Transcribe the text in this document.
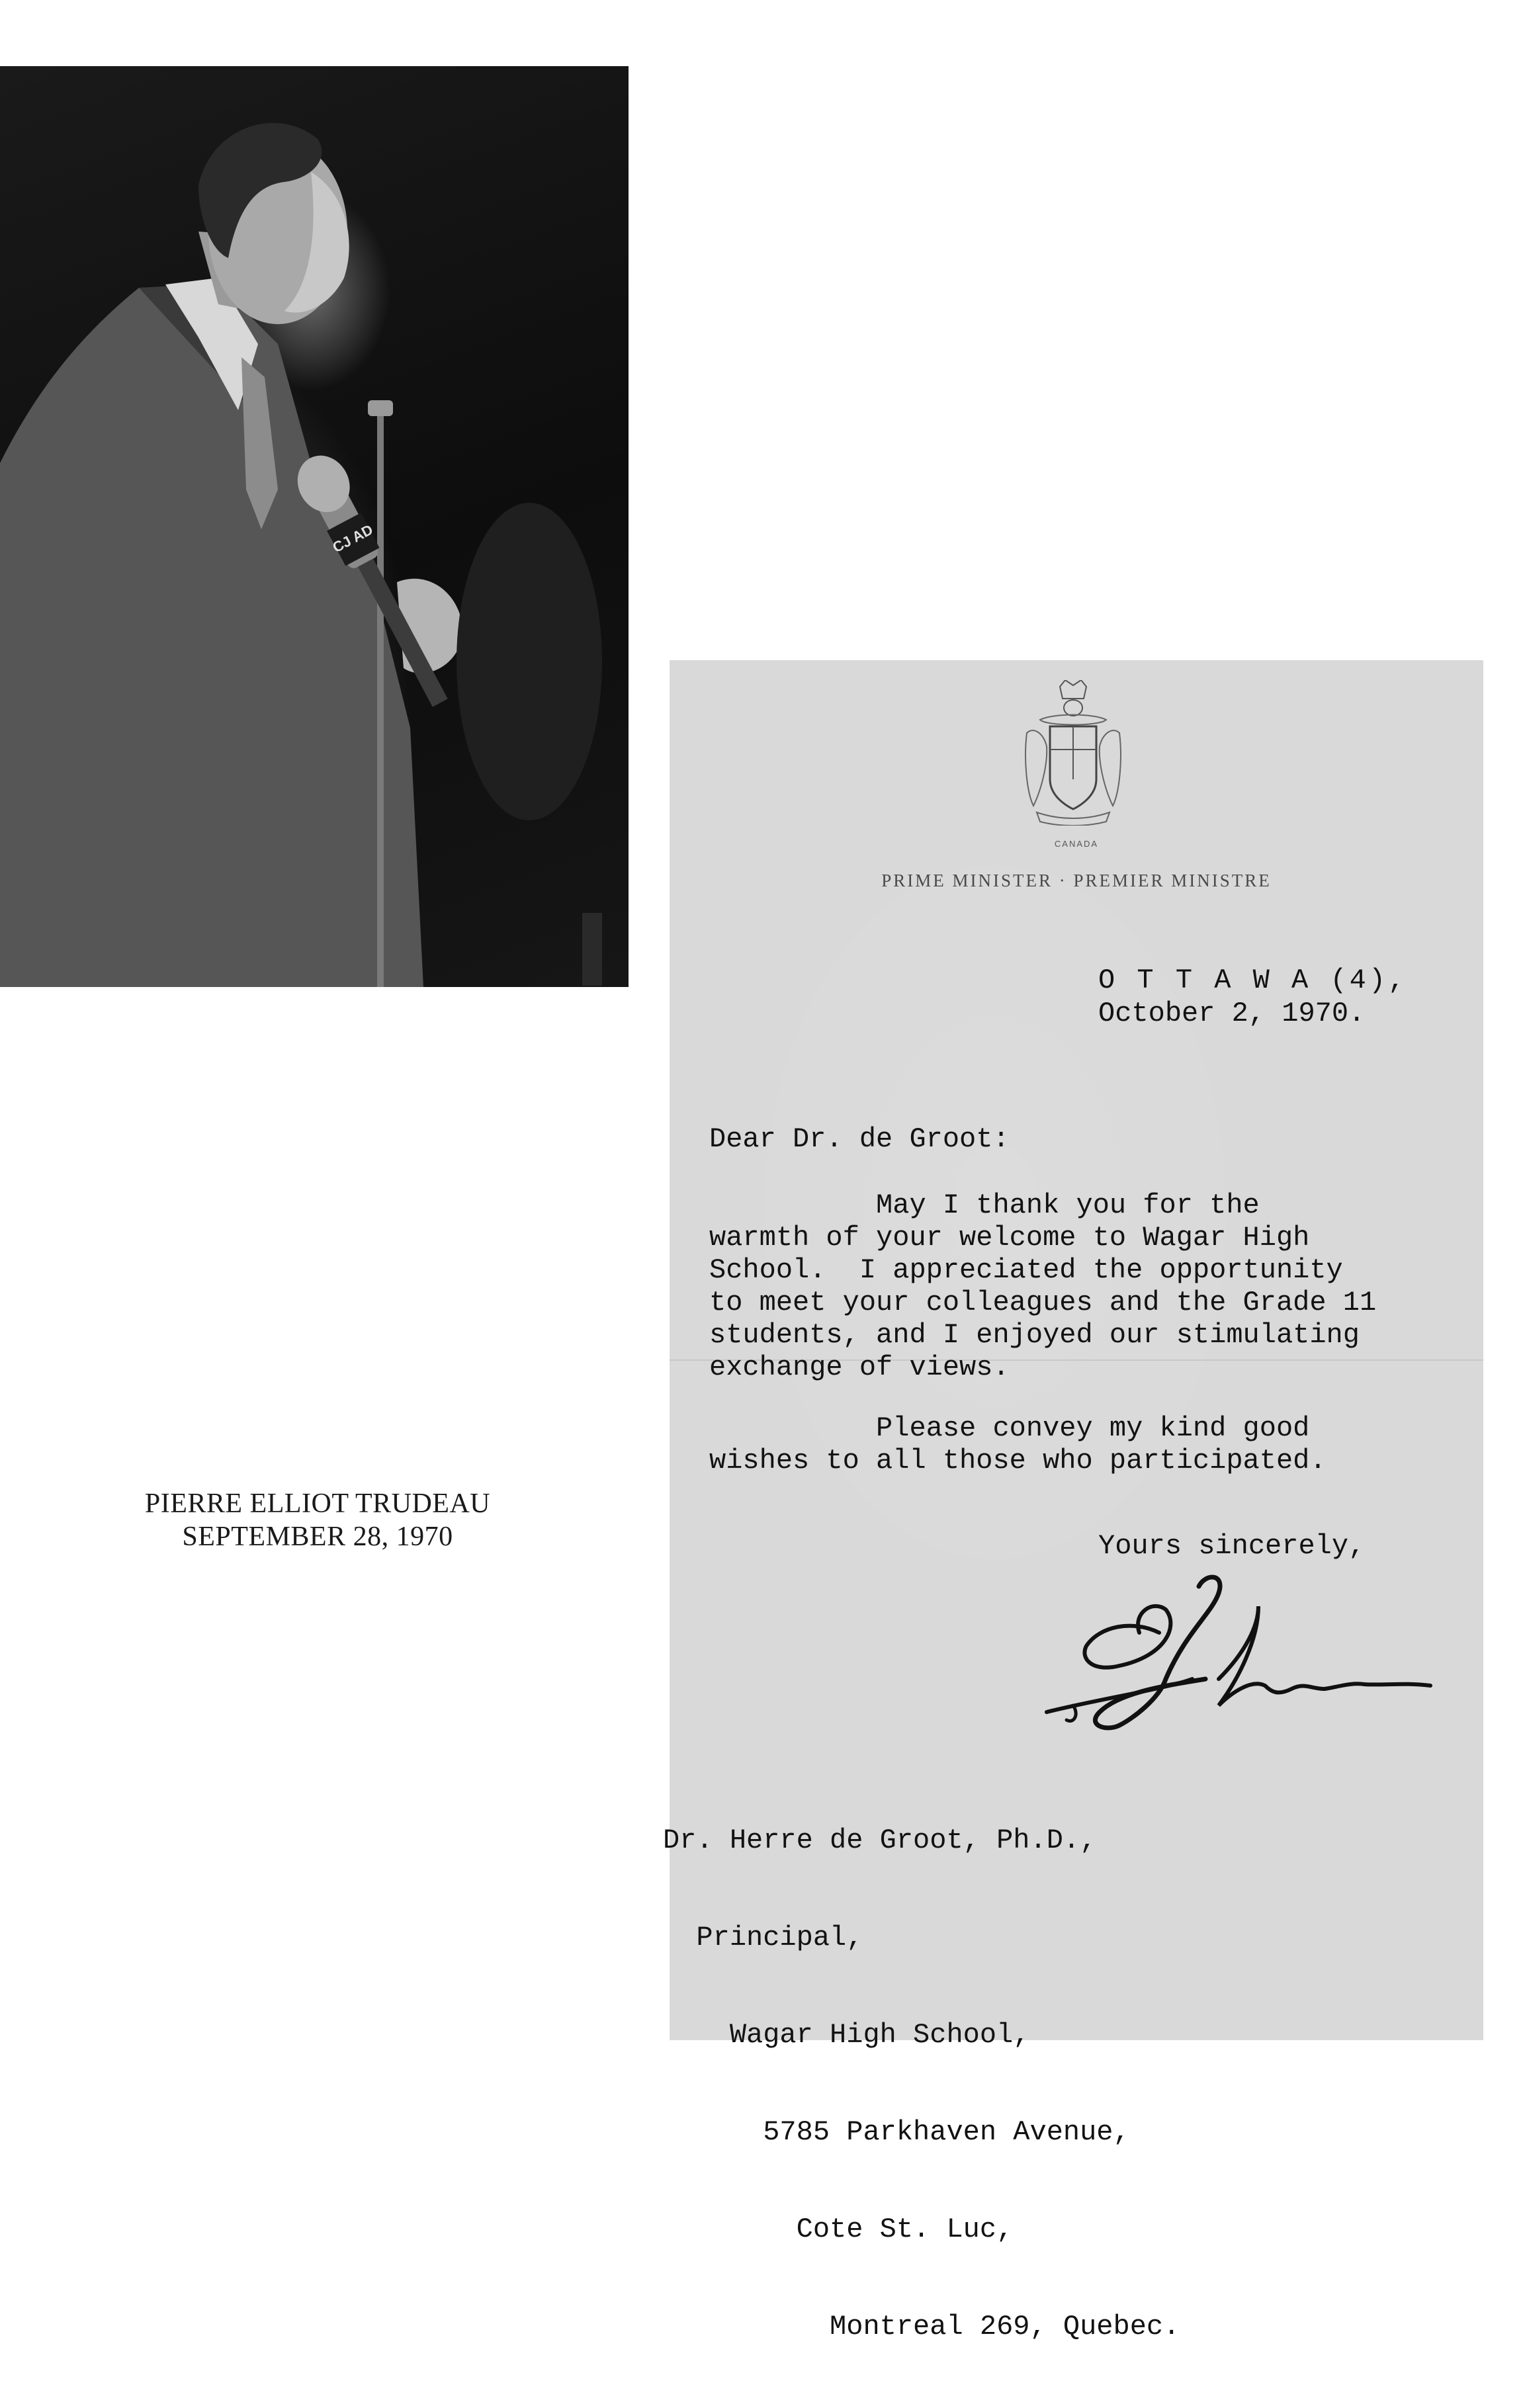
CJ AD
PIERRE ELLIOT TRUDEAU
SEPTEMBER 28, 1970
CANADA
PRIME MINISTER · PREMIER MINISTRE
O T T A W A (4),
October 2, 1970.
Dear Dr. de Groot:
May I thank you for the
warmth of your welcome to Wagar High
School.  I appreciated the opportunity
to meet your colleagues and the Grade 11
students, and I enjoyed our stimulating
exchange of views.
Please convey my kind good
wishes to all those who participated.
Yours sincerely,

Dr. Herre de Groot, Ph.D.,

Principal,

Wagar High School,

5785 Parkhaven Avenue,

Cote St. Luc,

Montreal 269, Quebec.
